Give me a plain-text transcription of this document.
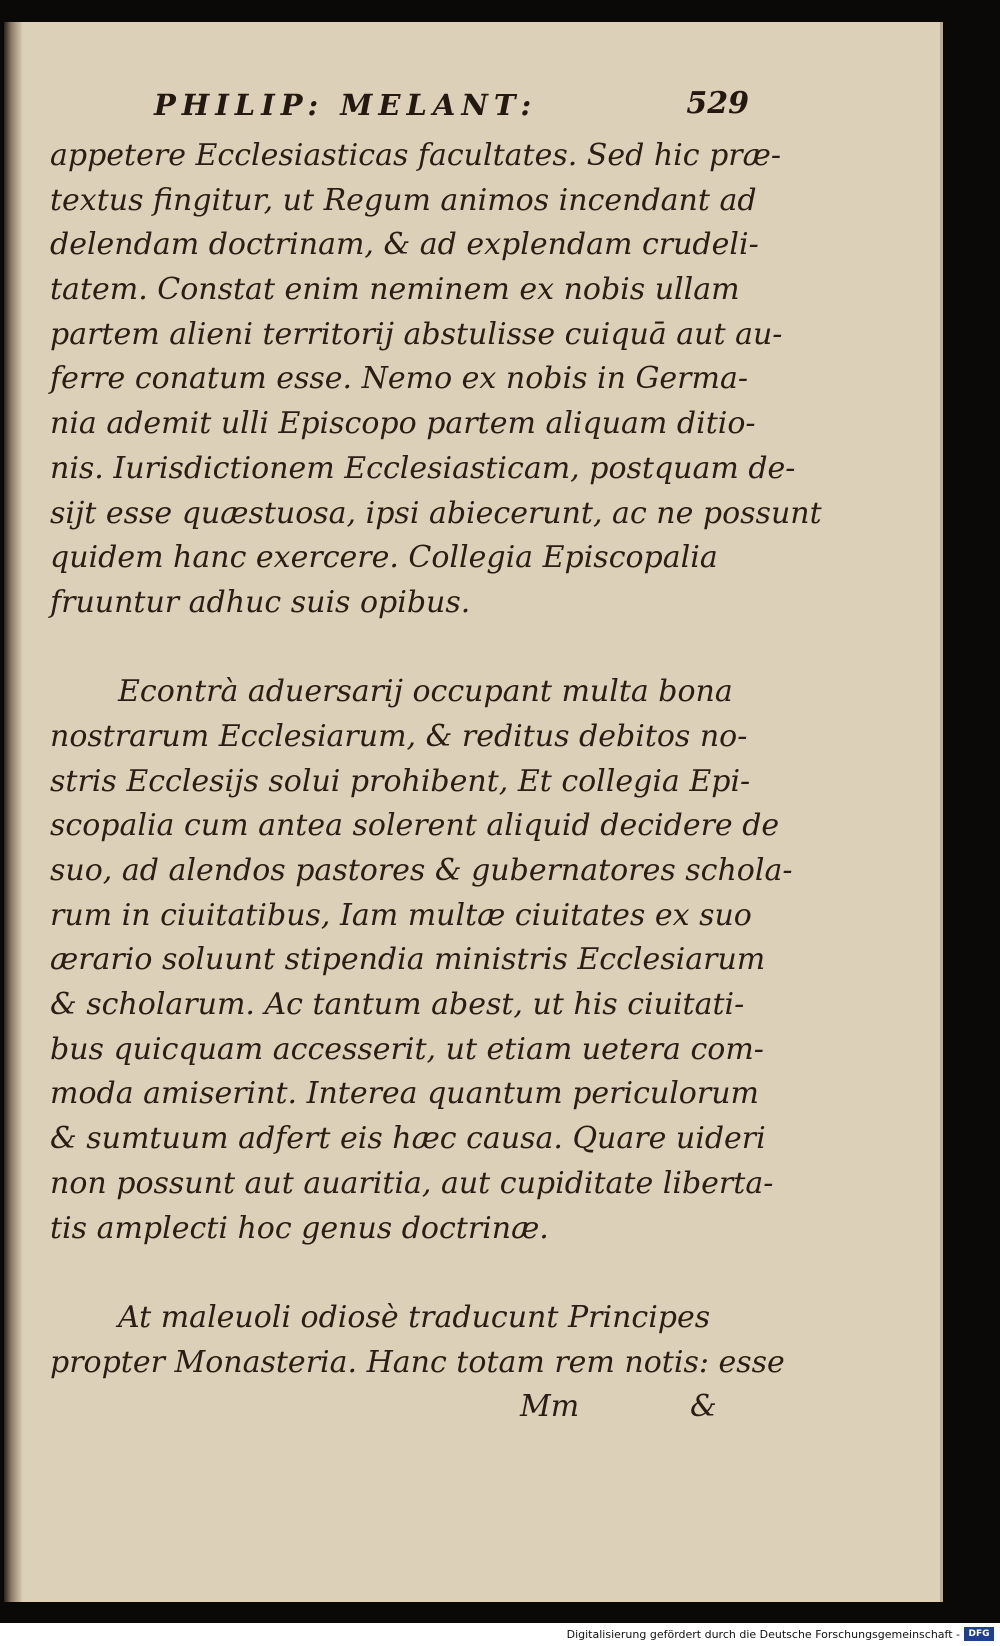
PHILIP: MELANT:	529
appetere Ecclesiasticas facultates. Sed hic præ-
textus fingitur, ut Regum animos incendant ad
delendam doctrinam, & ad explendam crudeli-
tatem. Constat enim neminem ex nobis ullam
partem alieni territorij abstulisse cuiquā aut au-
ferre conatum esse. Nemo ex nobis in Germa-
nia ademit ulli Episcopo partem aliquam ditio-
nis. Iurisdictionem Ecclesiasticam, postquam de-
sijt esse quæstuosa, ipsi abiecerunt, ac ne possunt
quidem hanc exercere. Collegia Episcopalia
fruuntur adhuc suis opibus.
Econtrà aduersarij occupant multa bona
nostrarum Ecclesiarum, & reditus debitos no-
stris Ecclesijs solui prohibent, Et collegia Epi-
scopalia cum antea solerent aliquid decidere de
suo, ad alendos pastores & gubernatores schola-
rum in ciuitatibus, Iam multæ ciuitates ex suo
ærario soluunt stipendia ministris Ecclesiarum
& scholarum. Ac tantum abest, ut his ciuitati-
bus quicquam accesserit, ut etiam uetera com-
moda amiserint. Interea quantum periculorum
& sumtuum adfert eis hæc causa. Quare uideri
non possunt aut auaritia, aut cupiditate liberta-
tis amplecti hoc genus doctrinæ.
At maleuoli odiosè traducunt Principes
propter Monasteria. Hanc totam rem notis: esse
Mm	&
Digitalisierung gefördert durch die Deutsche Forschungsgemeinschaft - DFG
